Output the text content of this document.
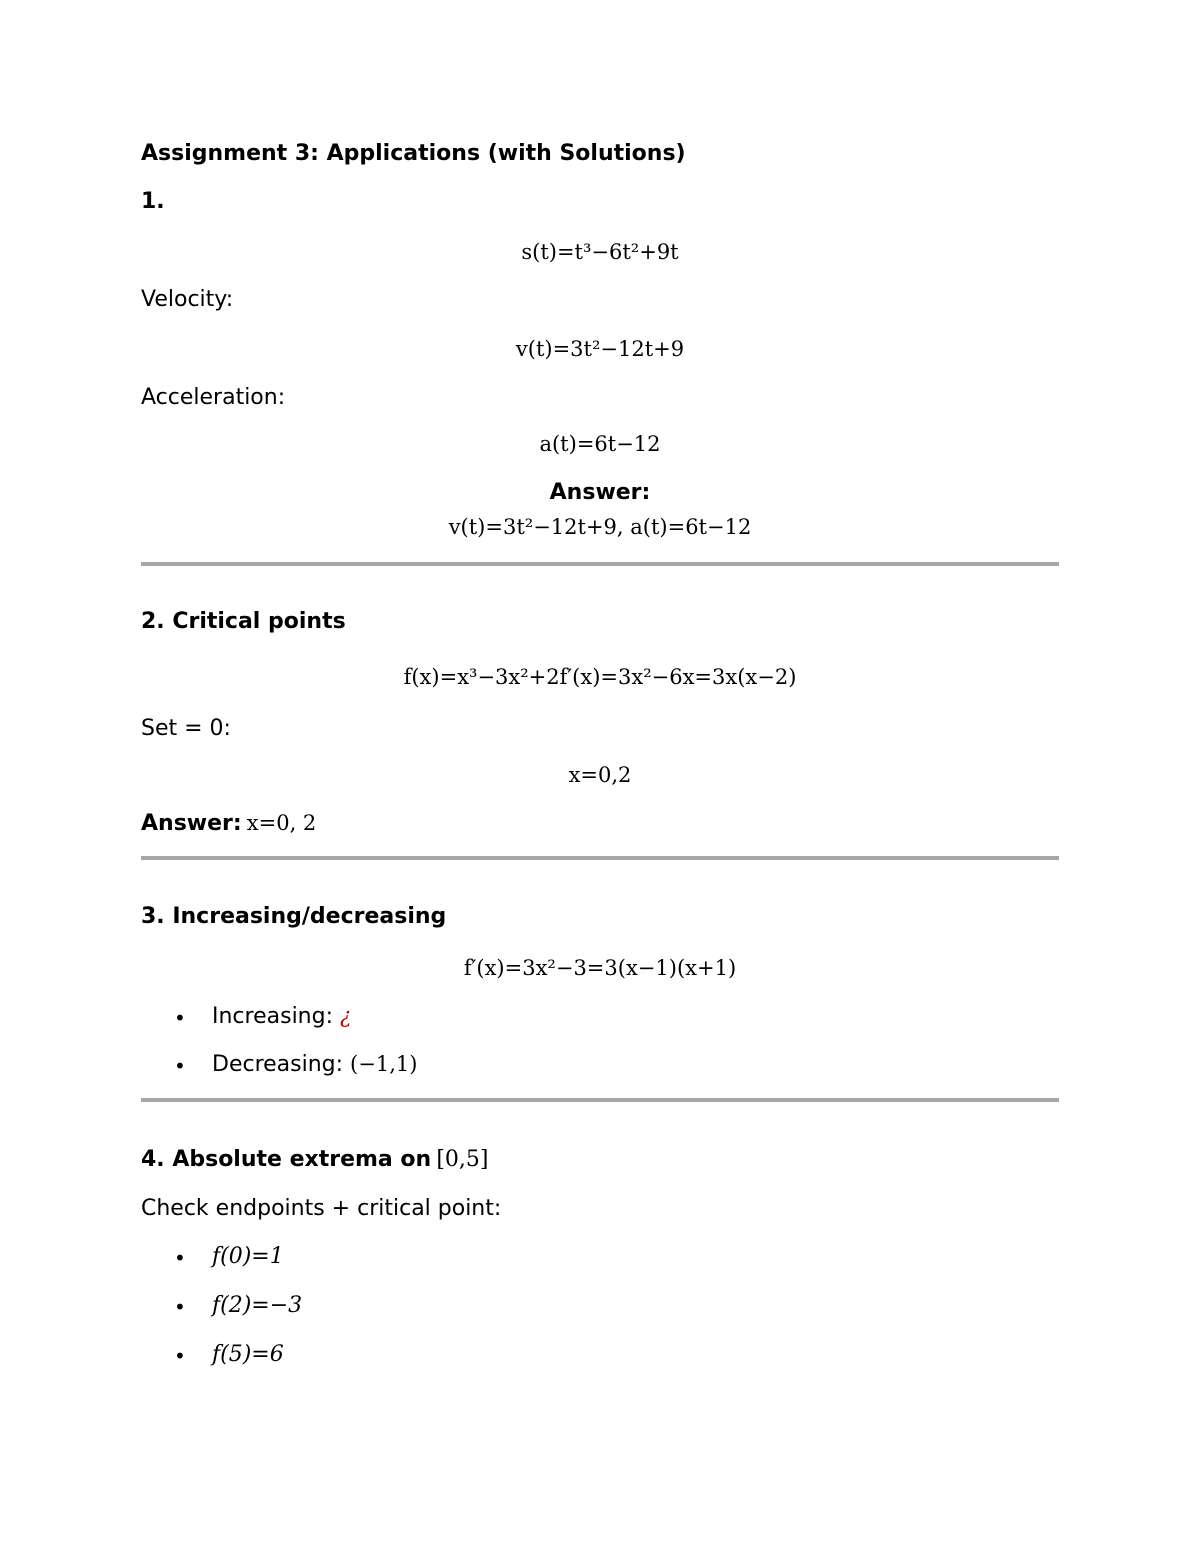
Assignment 3: Applications (with Solutions)
1.
s(t)=t³−6t²+9t
Velocity:
v(t)=3t²−12t+9
Acceleration:
a(t)=6t−12
Answer:
v(t)=3t²−12t+9, a(t)=6t−12
2. Critical points
f(x)=x³−3x²+2f′(x)=3x²−6x=3x(x−2)
Set = 0:
x=0,2
Answer: x=0, 2
3. Increasing/decreasing
f′(x)=3x²−3=3(x−1)(x+1)
• Increasing: ¿
• Decreasing: (−1,1)
4. Absolute extrema on [0,5]
Check endpoints + critical point:
• f(0)=1
• f(2)=−3
• f(5)=6
